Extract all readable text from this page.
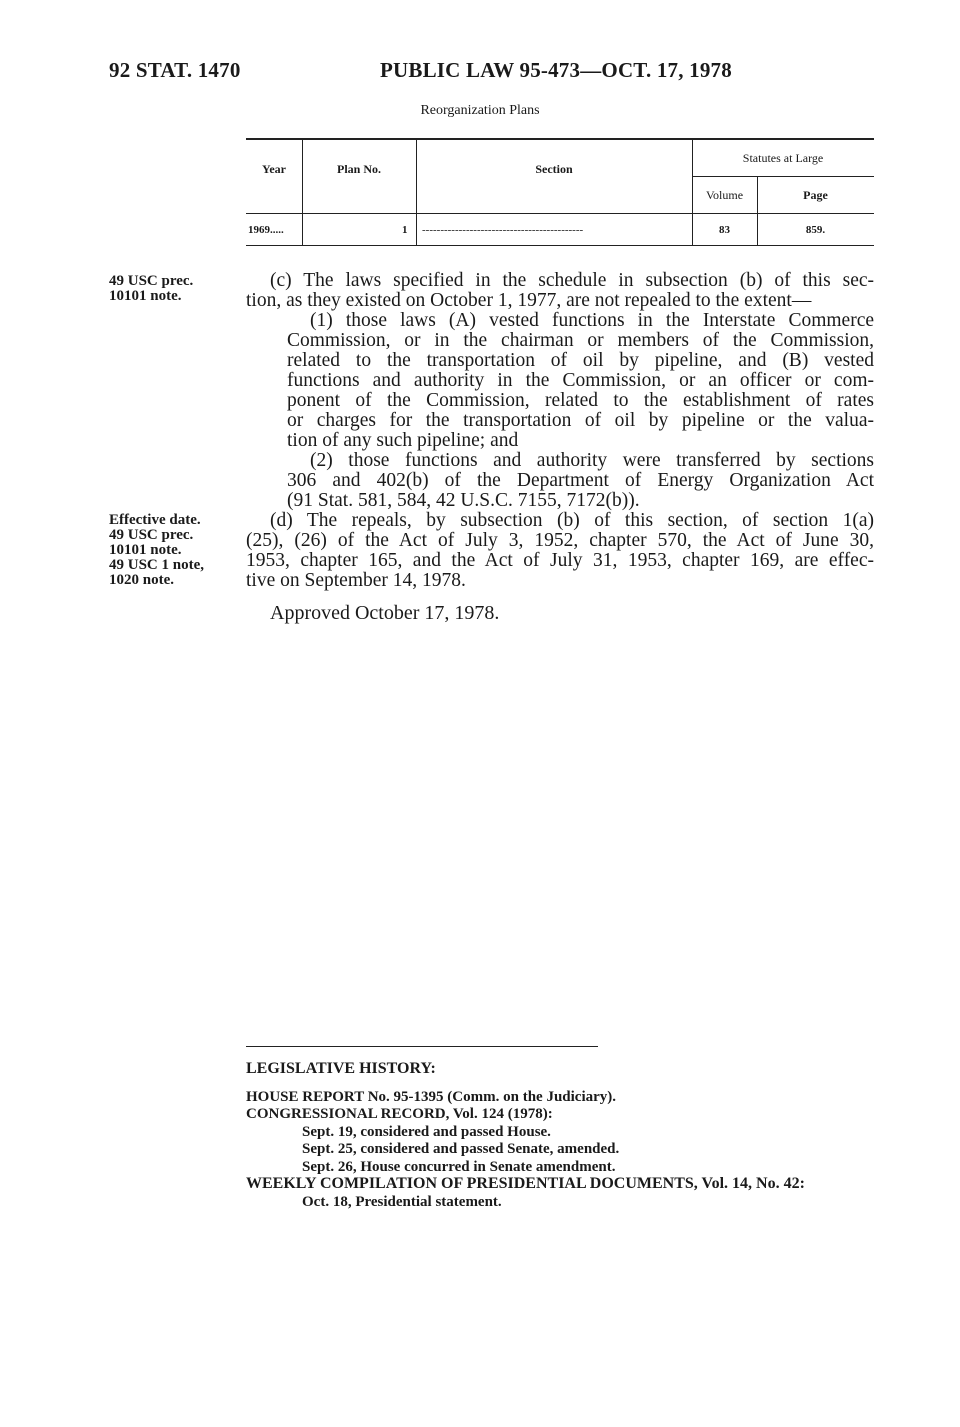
92 STAT. 1470	PUBLIC LAW 95-473—OCT. 17, 1978
Reorganization Plans
Year	Plan No.	Section
Statutes at Large
Volume	Page
1969.....	1 --------------------------------------------	83	859.
49 USC prec.
10101 note.
Effective date.
49 USC prec.
10101 note.
49 USC 1 note,
1020 note.
(c) The laws specified in the schedule in subsection (b) of this sec-
tion, as they existed on October 1, 1977, are not repealed to the extent—
(1) those laws (A) vested functions in the Interstate Commerce
Commission, or in the chairman or members of the Commission,
related to the transportation of oil by pipeline, and (B) vested
functions and authority in the Commission, or an officer or com-
ponent of the Commission, related to the establishment of rates
or charges for the transportation of oil by pipeline or the valua-
tion of any such pipeline; and
(2) those functions and authority were transferred by sections
306 and 402(b) of the Department of Energy Organization Act
(91 Stat. 581, 584, 42 U.S.C. 7155, 7172(b)).
(d) The repeals, by subsection (b) of this section, of section 1(a)
(25), (26) of the Act of July 3, 1952, chapter 570, the Act of June 30,
1953, chapter 165, and the Act of July 31, 1953, chapter 169, are effec-
tive on September 14, 1978.
Approved October 17, 1978.
LEGISLATIVE HISTORY:
HOUSE REPORT No. 95-1395 (Comm. on the Judiciary).
CONGRESSIONAL RECORD, Vol. 124 (1978):
Sept. 19, considered and passed House.
Sept. 25, considered and passed Senate, amended.
Sept. 26, House concurred in Senate amendment.
WEEKLY COMPILATION OF PRESIDENTIAL DOCUMENTS, Vol. 14, No. 42:
Oct. 18, Presidential statement.
